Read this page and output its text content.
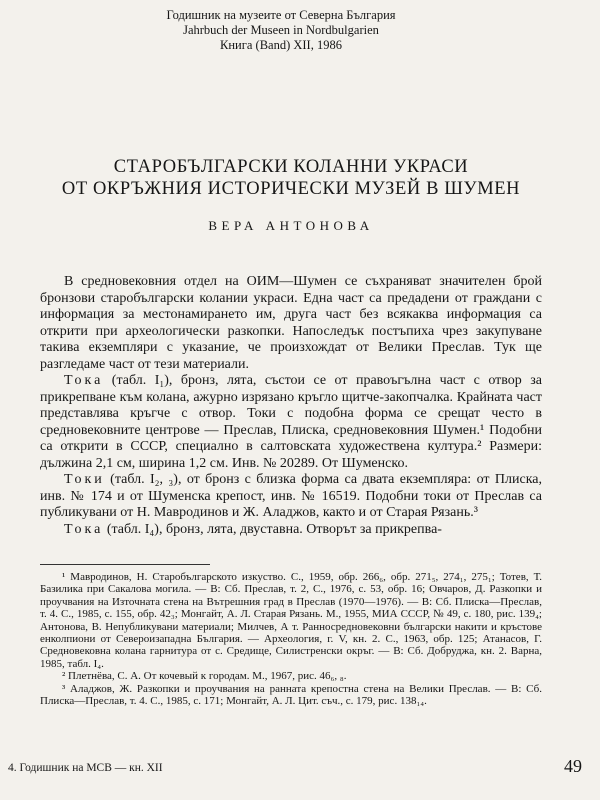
Годишник на музеите от Северна България
Jahrbuch der Museen in Nordbulgarien
Книга (Band) XII, 1986
СТАРОБЪЛГАРСКИ КОЛАННИ УКРАСИ
ОТ ОКРЪЖНИЯ ИСТОРИЧЕСКИ МУЗЕЙ В ШУМЕН
ВЕРА АНТОНОВА

В средновековния отдел на ОИМ—Шумен се съхраняват значителен брой бронзови старобългарски колании украси. Една част са предадени от граждани с информация за местонамирането им, друга част без всякаква информация са открити при археологически разкопки. Напоследък постъпиха чрез закупуване такива екземпляри с указание, че произхождат от Велики Преслав. Тук ще разгледаме част от тези материали.

Тока (табл. I₁), бронз, лята, състои се от правоъгълна част с отвор за прикрепване към колана, ажурно изрязано кръгло щитче-закопчалка. Крайната част представлява кръгче с отвор. Токи с подобна форма се срещат често в средновековните центрове — Преслав, Плиска, средновековния Шумен.¹ Подобни са открити в СССР, специално в салтовската художествена култура.² Размери: дължина 2,1 см, ширина 1,2 см. Инв. № 20289. От Шуменско.

Токи (табл. I₂, ₃), от бронз с близка форма са двата екземпляра: от Плиска, инв. № 174 и от Шуменска крепост, инв. № 16519. Подобни токи от Преслав са публикувани от Н. Мавродинов и Ж. Аладжов, както и от Старая Рязань.³

Тока (табл. I₄), бронз, лята, двуставна. Отворът за прикрепва-

¹ Мавродинов, Н. Старобългарското изкуство. С., 1959, обр. 266₆, обр. 271₅, 274₁, 275₁; Тотев, Т. Базилика при Сакалова могила. — В: Сб. Преслав, т. 2, С., 1976, с. 53, обр. 16; Овчаров, Д. Разкопки и проучвания на Източната стена на Вътрешния град в Преслав (1970—1976). — В: Сб. Плиска—Преслав, т. 4. С., 1985, с. 155, обр. 42₃; Монгайт, А. Л. Старая Рязань. М., 1955, МИА СССР, № 49, с. 180, рис. 139₄; Антонова, В. Непубликувани материали; Милчев, А т. Ранносредновековни български накити и кръстове енколпиони от Североизападна България. — Археология, г. V, кн. 2. С., 1963, обр. 125; Атанасов, Г. Средновековна колана гарнитура от с. Средище, Силистренски окръг. — В: Сб. Добруджа, кн. 2. Варна, 1985, табл. I₄.

² Плетнёва, С. А. От кочевый к городам. М., 1967, рис. 46₆, ₈.

³ Аладжов, Ж. Разкопки и проучвания на ранната крепостна стена на Велики Преслав. — В: Сб. Плиска—Преслав, т. 4. С., 1985, с. 171; Монгайт, А. Л. Цит. съч., с. 179, рис. 138₁₄.

4. Годишник на МСВ — кн. XII	49
